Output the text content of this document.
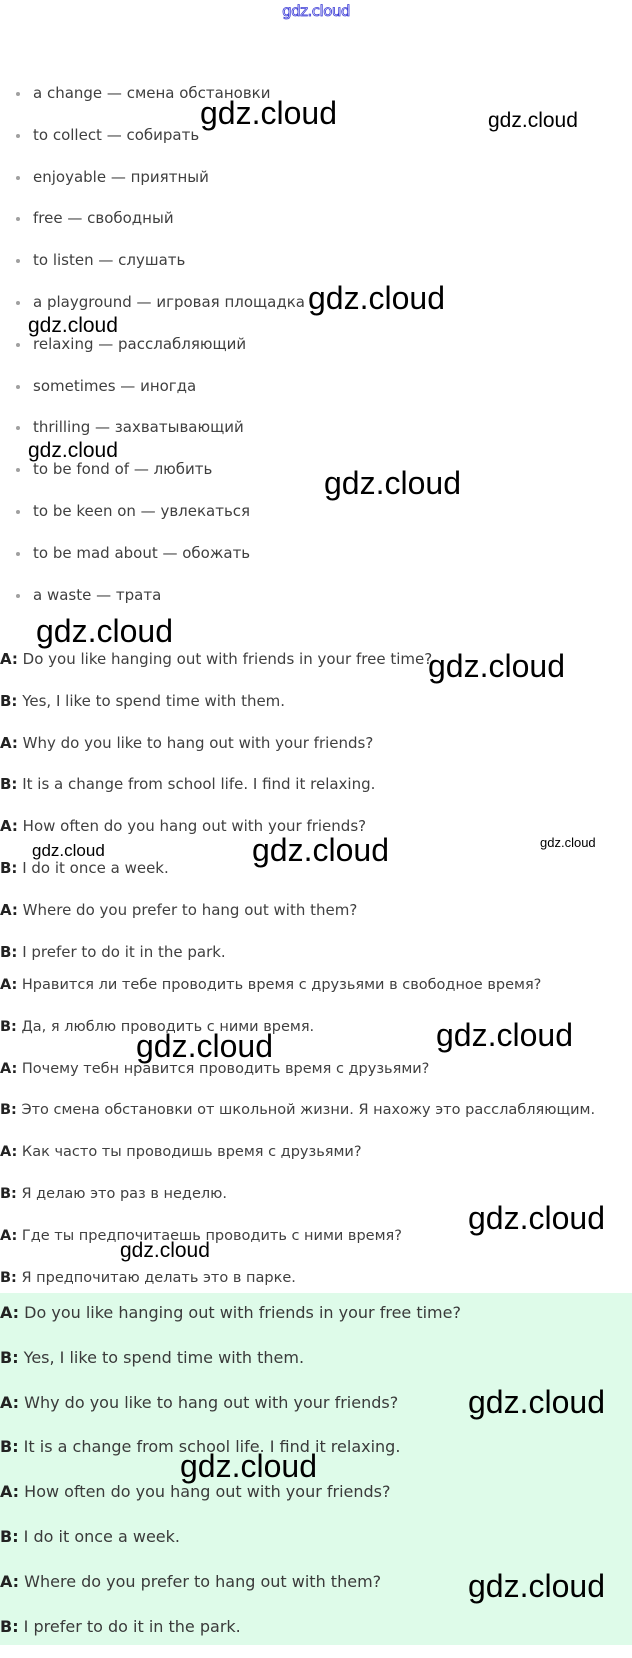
gdz.cloud
a change — смена обстановки
to collect — собирать
enjoyable — приятный
free — свободный
to listen — слушать
a playground — игровая площадка
relaxing — расслабляющий
sometimes — иногда
thrilling — захватывающий
to be fond of — любить
to be keen on — увлекаться
to be mad about — обожать
a waste — трата
A: Do you like hanging out with friends in your free time?
B: Yes, I like to spend time with them.
A: Why do you like to hang out with your friends?
B: It is a change from school life. I find it relaxing.
A: How often do you hang out with your friends?
B: I do it once a week.
A: Where do you prefer to hang out with them?
B: I prefer to do it in the park.
A: Нравится ли тебе проводить время с друзьями в свободное время?
B: Да, я люблю проводить с ними время.
A: Почему тебн нравится проводить время с друзьями?
B: Это смена обстановки от школьной жизни. Я нахожу это расслабляющим.
A: Как часто ты проводишь время с друзьями?
B: Я делаю это раз в неделю.
A: Где ты предпочитаешь проводить с ними время?
B: Я предпочитаю делать это в парке.
A: Do you like hanging out with friends in your free time?
B: Yes, I like to spend time with them.
A: Why do you like to hang out with your friends?
B: It is a change from school life. I find it relaxing.
A: How often do you hang out with your friends?
B: I do it once a week.
A: Where do you prefer to hang out with them?
B: I prefer to do it in the park.
gdz.cloud	gdz.cloud
gdz.cloud
gdz.cloud
gdz.cloud
gdz.cloud
gdz.cloud
gdz.cloud
gdz.cloud	gdz.cloud	gdz.cloud
gdz.cloud
gdz.cloud
gdz.cloud
gdz.cloud
gdz.cloud
gdz.cloud
gdz.cloud
